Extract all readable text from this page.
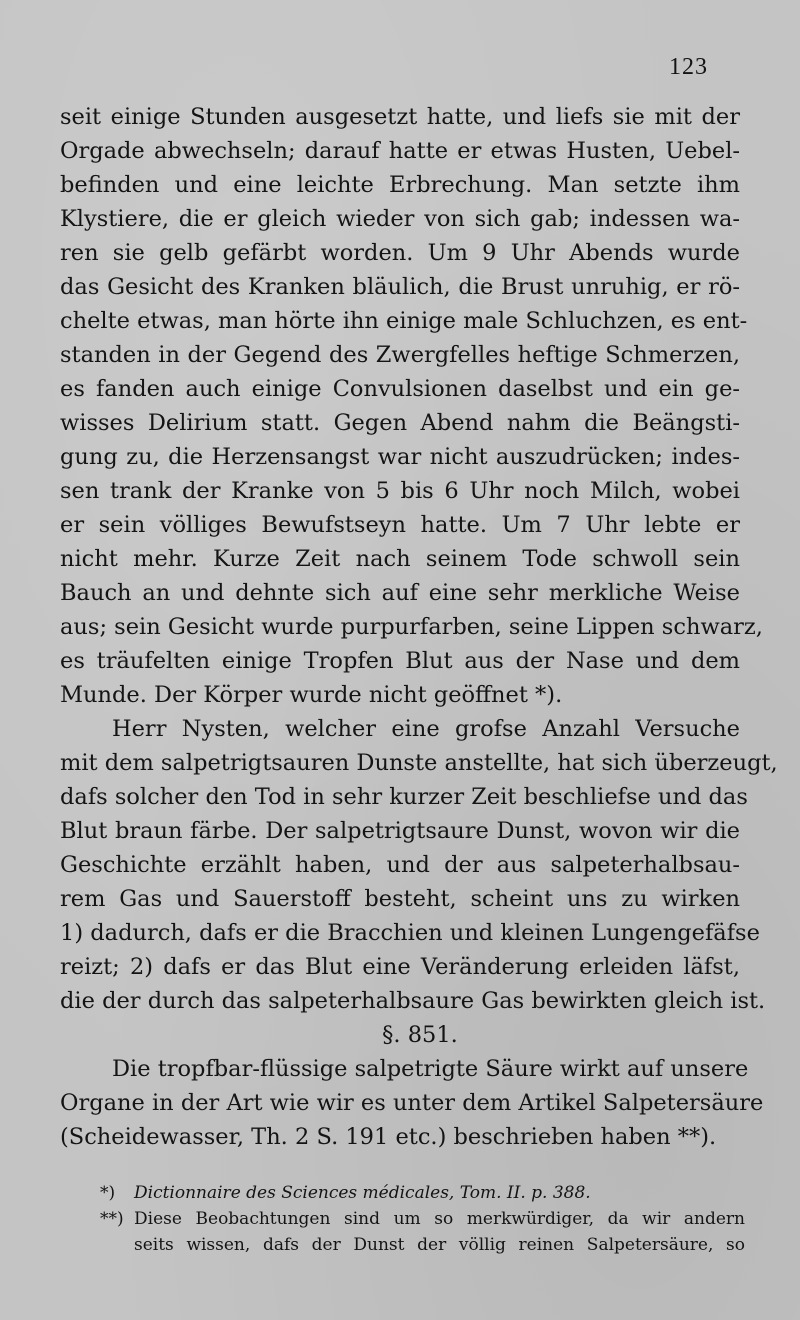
123
seit einige Stunden ausgesetzt hatte, und liefs sie mit der
Orgade abwechseln; darauf hatte er etwas Husten, Uebel-
befinden und eine leichte Erbrechung. Man setzte ihm
Klystiere, die er gleich wieder von sich gab; indessen wa-
ren sie gelb gefärbt worden. Um 9 Uhr Abends wurde
das Gesicht des Kranken bläulich, die Brust unruhig, er rö-
chelte etwas, man hörte ihn einige male Schluchzen, es ent-
standen in der Gegend des Zwergfelles heftige Schmerzen,
es fanden auch einige Convulsionen daselbst und ein ge-
wisses Delirium statt. Gegen Abend nahm die Beängsti-
gung zu, die Herzensangst war nicht auszudrücken; indes-
sen trank der Kranke von 5 bis 6 Uhr noch Milch, wobei
er sein völliges Bewufstseyn hatte. Um 7 Uhr lebte er
nicht mehr. Kurze Zeit nach seinem Tode schwoll sein
Bauch an und dehnte sich auf eine sehr merkliche Weise
aus; sein Gesicht wurde purpurfarben, seine Lippen schwarz,
es träufelten einige Tropfen Blut aus der Nase und dem
Munde. Der Körper wurde nicht geöffnet *).
Herr Nysten, welcher eine grofse Anzahl Versuche
mit dem salpetrigtsauren Dunste anstellte, hat sich überzeugt,
dafs solcher den Tod in sehr kurzer Zeit beschliefse und das
Blut braun färbe. Der salpetrigtsaure Dunst, wovon wir die
Geschichte erzählt haben, und der aus salpeterhalbsau-
rem Gas und Sauerstoff besteht, scheint uns zu wirken
1) dadurch, dafs er die Bracchien und kleinen Lungengefäfse
reizt; 2) dafs er das Blut eine Veränderung erleiden läfst,
die der durch das salpeterhalbsaure Gas bewirkten gleich ist.
§. 851.
Die tropfbar-flüssige salpetrigte Säure wirkt auf unsere
Organe in der Art wie wir es unter dem Artikel Salpetersäure
(Scheidewasser, Th. 2 S. 191 etc.) beschrieben haben **).
*) Dictionnaire des Sciences médicales, Tom. II. p. 388.
**) Diese Beobachtungen sind um so merkwürdiger, da wir andern
seits wissen, dafs der Dunst der völlig reinen Salpetersäure, so
